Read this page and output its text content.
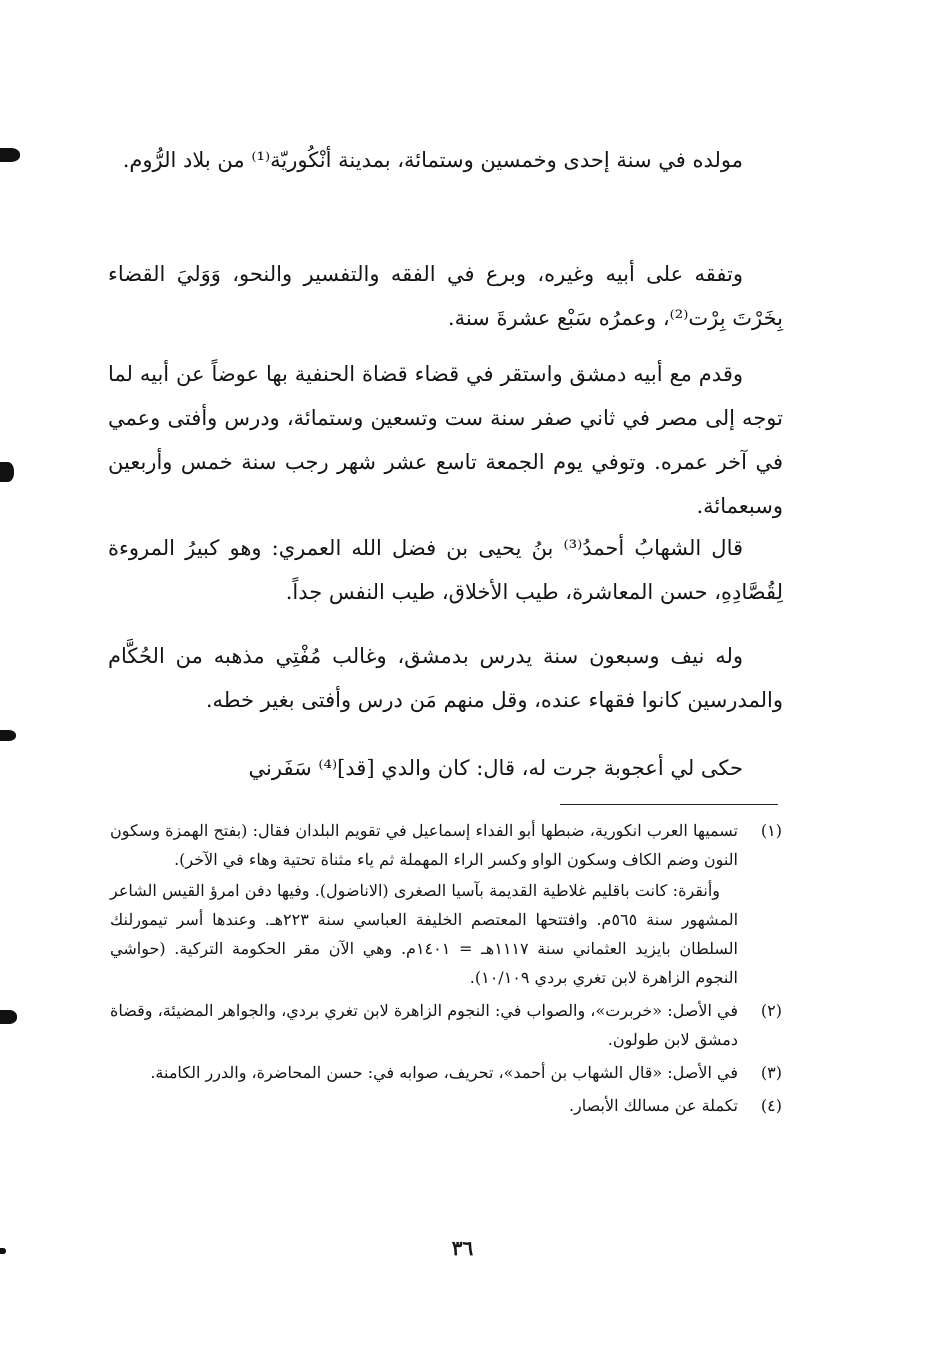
مولده في سنة إحدى وخمسين وستمائة، بمدينة أنْكُوريّة⁽¹⁾ من بلاد الرُّوم.

وتفقه على أبيه وغيره، وبرع في الفقه والتفسير والنحو، وَوَليَ القضاء بِخَرْتَ بِرْت⁽²⁾، وعمرُه سَبْع عشرةَ سنة.

وقدم مع أبيه دمشق واستقر في قضاء قضاة الحنفية بها عوضاً عن أبيه لما توجه إلى مصر في ثاني صفر سنة ست وتسعين وستمائة، ودرس وأفتى وعمي في آخر عمره. وتوفي يوم الجمعة تاسع عشر شهر رجب سنة خمس وأربعين وسبعمائة.

قال الشهابُ أحمدُ⁽³⁾ بنُ يحيى بن فضل الله العمري: وهو كبيرُ المروءة لِقُصَّادِهِ، حسن المعاشرة، طيب الأخلاق، طيب النفس جداً.

وله نيف وسبعون سنة يدرس بدمشق، وغالب مُفْتِي مذهبه من الحُكَّام والمدرسين كانوا فقهاء عنده، وقل منهم مَن درس وأفتى بغير خطه.

حكى لي أعجوبة جرت له، قال: كان والدي [قد]⁽⁴⁾ سَفَرني

(١)
تسميها العرب انكورية، ضبطها أبو الفداء إسماعيل في تقويم البلدان فقال: (بفتح الهمزة وسكون النون وضم الكاف وسكون الواو وكسر الراء المهملة ثم ياء مثناة تحتية وهاء في الآخر).
وأنقرة: كانت باقليم غلاطية القديمة بآسيا الصغرى (الاناضول). وفيها دفن امرؤ القيس الشاعر المشهور سنة ٥٦٥م. وافتتحها المعتصم الخليفة العباسي سنة ٢٢٣هـ. وعندها أسر تيمورلنك السلطان بايزيد العثماني سنة ١١١٧هـ = ١٤٠١م. وهي الآن مقر الحكومة التركية. (حواشي النجوم الزاهرة لابن تغري بردي ١٠/١٠٩).
(٢)
في الأصل: «خربرت»، والصواب في: النجوم الزاهرة لابن تغري بردي، والجواهر المضيئة، وقضاة دمشق لابن طولون.
(٣)
في الأصل: «قال الشهاب بن أحمد»، تحريف، صوابه في: حسن المحاضرة، والدرر الكامنة.
(٤)
تكملة عن مسالك الأبصار.
٣٦
